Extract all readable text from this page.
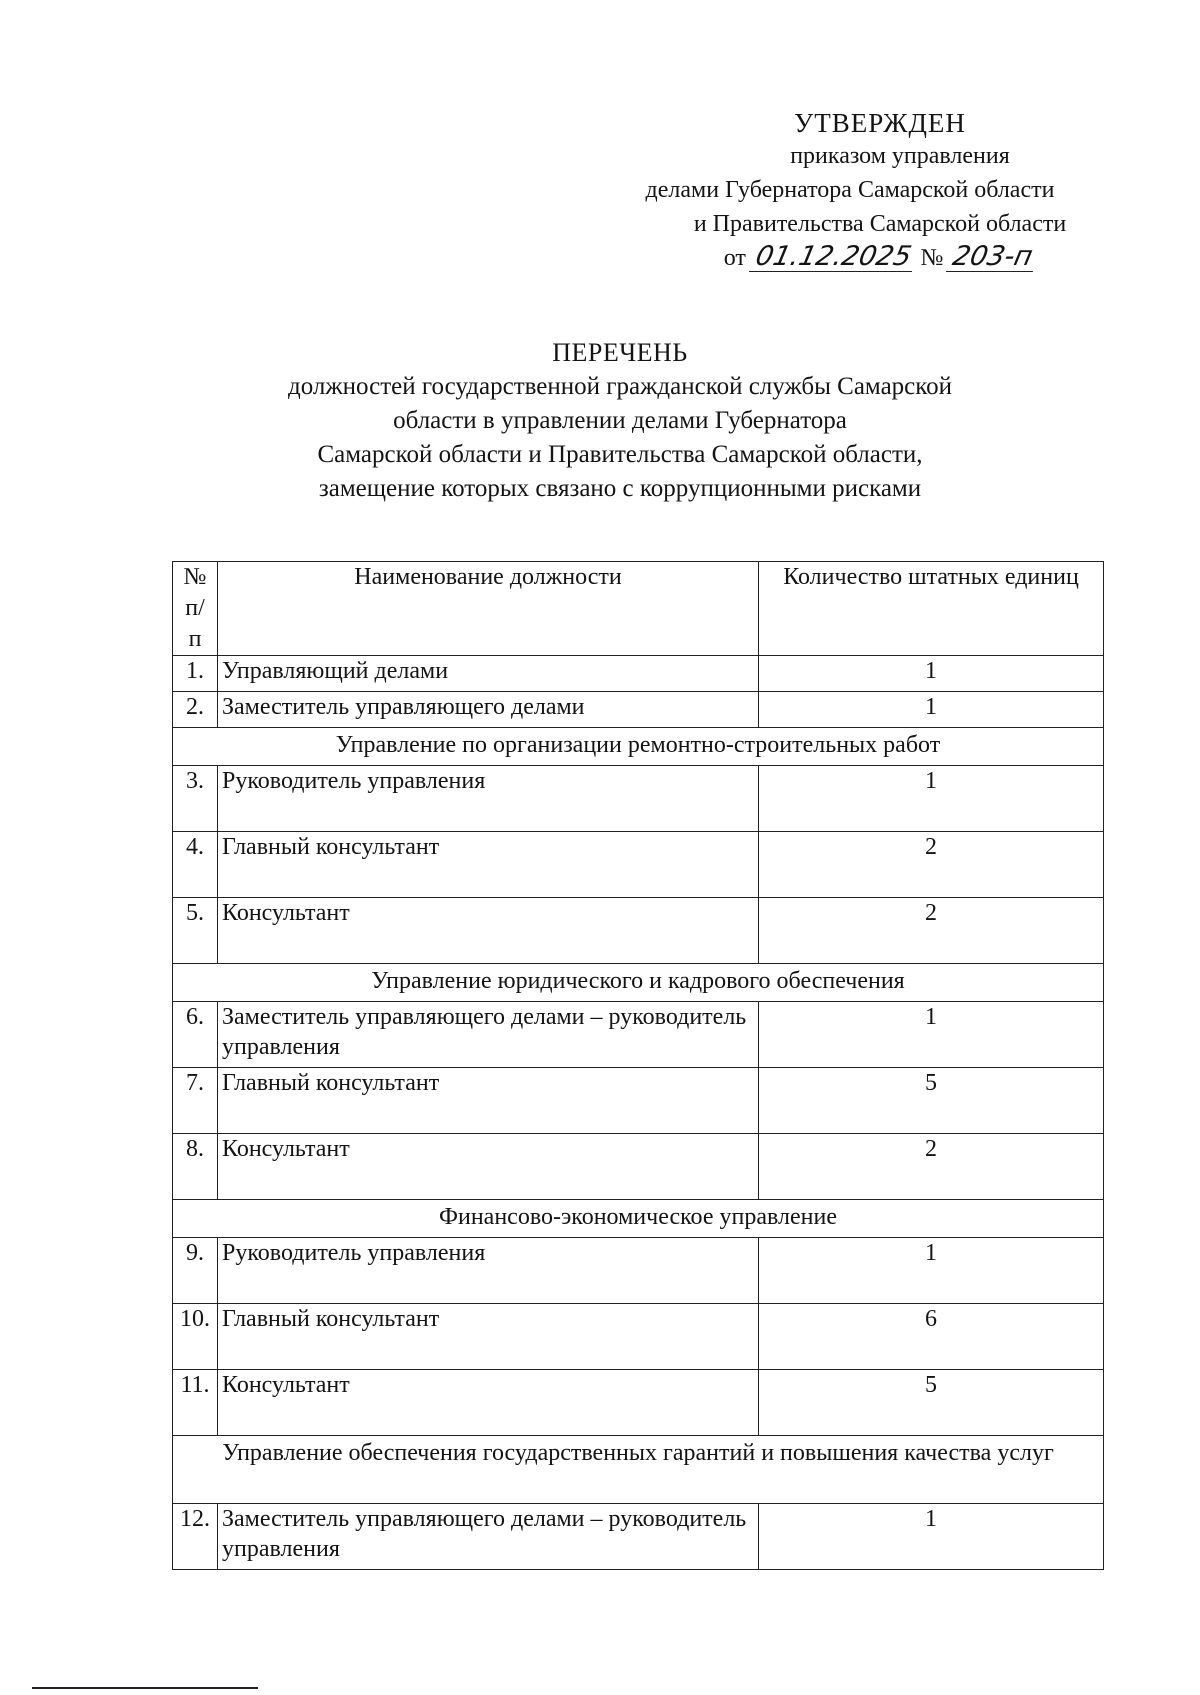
УТВЕРЖДЕН
приказом управления
делами Губернатора Самарской области
и Правительства Самарской области
от 01.12.2025 № 203-п
ПЕРЕЧЕНЬ
должностей государственной гражданской службы Самарской
области в управлении делами Губернатора
Самарской области и Правительства Самарской области,
замещение которых связано с коррупционными рисками
№ п/п	Наименование должности	Количество штатных единиц
1.	Управляющий делами	1
2.	Заместитель управляющего делами	1
Управление по организации ремонтно-строительных работ		
3.	Руководитель управления	1
4.	Главный консультант	2
5.	Консультант	2
Управление юридического и кадрового обеспечения		
6.	Заместитель управляющего делами – руководитель управления	1
7.	Главный консультант	5
8.	Консультант	2
Финансово-экономическое управление		
9.	Руководитель управления	1
10.	Главный консультант	6
11.	Консультант	5
Управление обеспечения государственных гарантий и повышения качества услуг		
12.	Заместитель управляющего делами – руководитель управления	1
